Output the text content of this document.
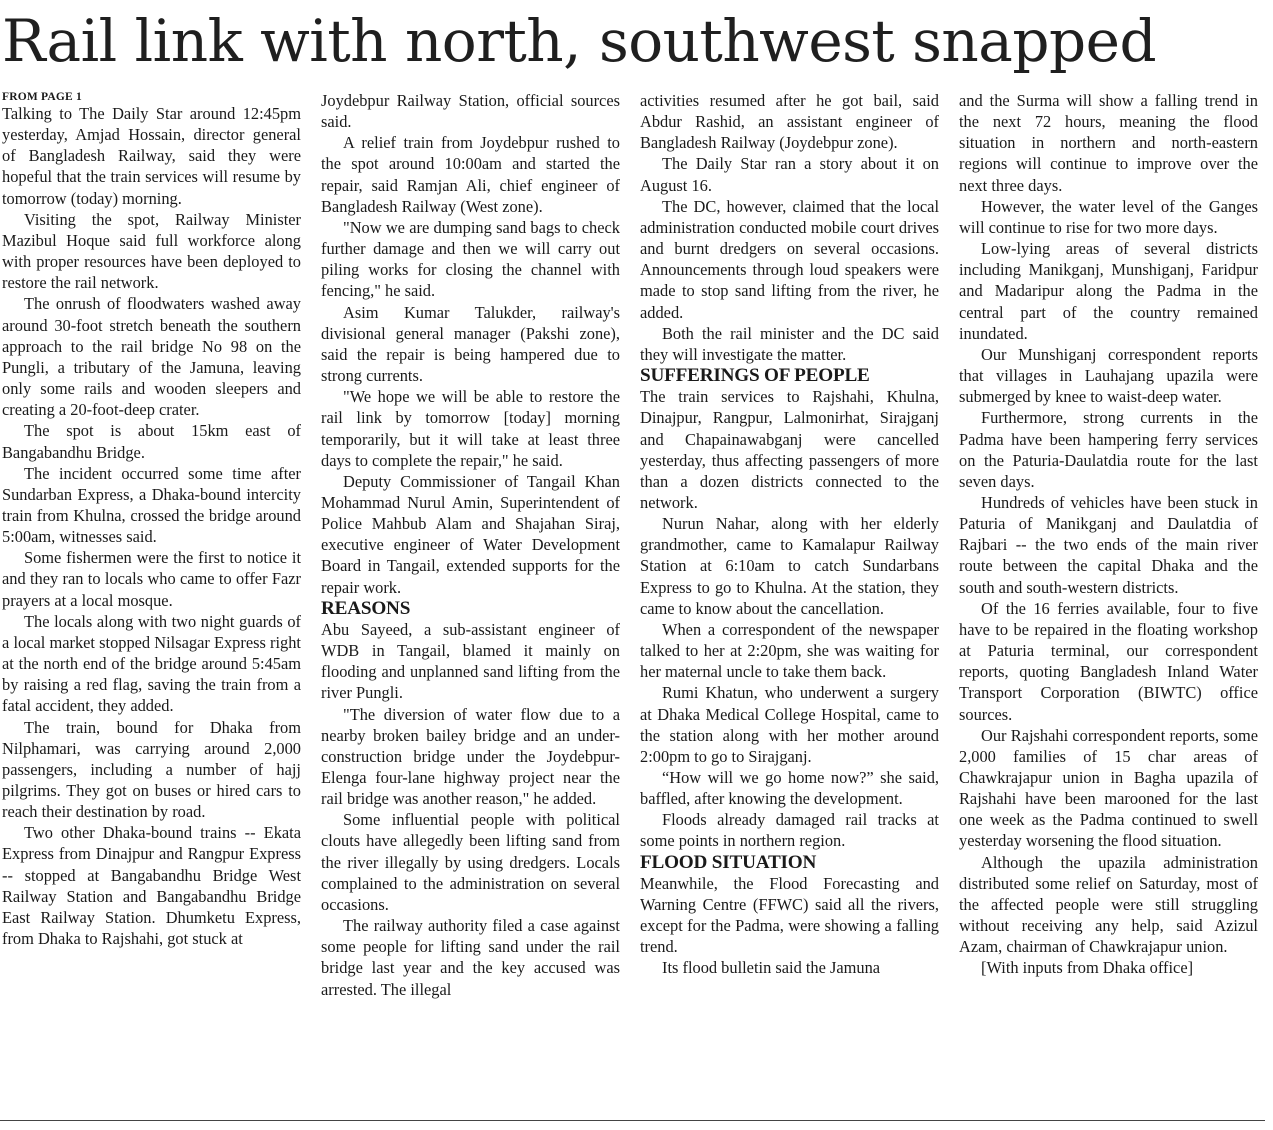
Rail link with north, southwest snapped
FROM PAGE 1

Talking to The Daily Star around 12:45pm yesterday, Amjad Hossain, director general of Bangladesh Railway, said they were hopeful that the train services will resume by tomorrow (today) morning.

Visiting the spot, Railway Minister Mazibul Hoque said full workforce along with proper resources have been deployed to restore the rail network.

The onrush of floodwaters washed away around 30-foot stretch beneath the southern approach to the rail bridge No 98 on the Pungli, a tributary of the Jamuna, leaving only some rails and wooden sleepers and creating a 20-foot-deep crater.

The spot is about 15km east of Bangabandhu Bridge.

The incident occurred some time after Sundarban Express, a Dhaka-bound intercity train from Khulna, crossed the bridge around 5:00am, witnesses said.

Some fishermen were the first to notice it and they ran to locals who came to offer Fazr prayers at a local mosque.

The locals along with two night guards of a local market stopped Nilsagar Express right at the north end of the bridge around 5:45am by raising a red flag, saving the train from a fatal accident, they added.

The train, bound for Dhaka from Nilphamari, was carrying around 2,000 passengers, including a number of hajj pilgrims. They got on buses or hired cars to reach their destination by road.

Two other Dhaka-bound trains -- Ekata Express from Dinajpur and Rangpur Express -- stopped at Bangabandhu Bridge West Railway Station and Bangabandhu Bridge East Railway Station. Dhumketu Express, from Dhaka to Rajshahi, got stuck at

Joydebpur Railway Station, official sources said.

A relief train from Joydebpur rushed to the spot around 10:00am and started the repair, said Ramjan Ali, chief engineer of Bangladesh Railway (West zone).

"Now we are dumping sand bags to check further damage and then we will carry out piling works for closing the channel with fencing," he said.

Asim Kumar Talukder, railway's divisional general manager (Pakshi zone), said the repair is being hampered due to strong currents.

"We hope we will be able to restore the rail link by tomorrow [today] morning temporarily, but it will take at least three days to complete the repair," he said.

Deputy Commissioner of Tangail Khan Mohammad Nurul Amin, Superintendent of Police Mahbub Alam and Shajahan Siraj, executive engineer of Water Development Board in Tangail, extended supports for the repair work.

REASONS

Abu Sayeed, a sub-assistant engineer of WDB in Tangail, blamed it mainly on flooding and unplanned sand lifting from the river Pungli.

"The diversion of water flow due to a nearby broken bailey bridge and an under-construction bridge under the Joydebpur-Elenga four-lane highway project near the rail bridge was another reason," he added.

Some influential people with political clouts have allegedly been lifting sand from the river illegally by using dredgers. Locals complained to the administration on several occasions.

The railway authority filed a case against some people for lifting sand under the rail bridge last year and the key accused was arrested. The illegal

activities resumed after he got bail, said Abdur Rashid, an assistant engineer of Bangladesh Railway (Joydebpur zone).

The Daily Star ran a story about it on August 16.

The DC, however, claimed that the local administration conducted mobile court drives and burnt dredgers on several occasions. Announcements through loud speakers were made to stop sand lifting from the river, he added.

Both the rail minister and the DC said they will investigate the matter.

SUFFERINGS OF PEOPLE

The train services to Rajshahi, Khulna, Dinajpur, Rangpur, Lalmonirhat, Sirajganj and Chapainawabganj were cancelled yesterday, thus affecting passengers of more than a dozen districts connected to the network.

Nurun Nahar, along with her elderly grandmother, came to Kamalapur Railway Station at 6:10am to catch Sundarbans Express to go to Khulna. At the station, they came to know about the cancellation.

When a correspondent of the newspaper talked to her at 2:20pm, she was waiting for her maternal uncle to take them back.

Rumi Khatun, who underwent a surgery at Dhaka Medical College Hospital, came to the station along with her mother around 2:00pm to go to Sirajganj.

“How will we go home now?” she said, baffled, after knowing the development.

Floods already damaged rail tracks at some points in northern region.

FLOOD SITUATION

Meanwhile, the Flood Forecasting and Warning Centre (FFWC) said all the rivers, except for the Padma, were showing a falling trend.

Its flood bulletin said the Jamuna

and the Surma will show a falling trend in the next 72 hours, meaning the flood situation in northern and north-eastern regions will continue to improve over the next three days.

However, the water level of the Ganges will continue to rise for two more days.

Low-lying areas of several districts including Manikganj, Munshiganj, Faridpur and Madaripur along the Padma in the central part of the country remained inundated.

Our Munshiganj correspondent reports that villages in Lauhajang upazila were submerged by knee to waist-deep water.

Furthermore, strong currents in the Padma have been hampering ferry services on the Paturia-Daulatdia route for the last seven days.

Hundreds of vehicles have been stuck in Paturia of Manikganj and Daulatdia of Rajbari -- the two ends of the main river route between the capital Dhaka and the south and south-western districts.

Of the 16 ferries available, four to five have to be repaired in the floating workshop at Paturia terminal, our correspondent reports, quoting Bangladesh Inland Water Transport Corporation (BIWTC) office sources.

Our Rajshahi correspondent reports, some 2,000 families of 15 char areas of Chawkrajapur union in Bagha upazila of Rajshahi have been marooned for the last one week as the Padma continued to swell yesterday worsening the flood situation.

Although the upazila administration distributed some relief on Saturday, most of the affected people were still struggling without receiving any help, said Azizul Azam, chairman of Chawkrajapur union.

[With inputs from Dhaka office]
